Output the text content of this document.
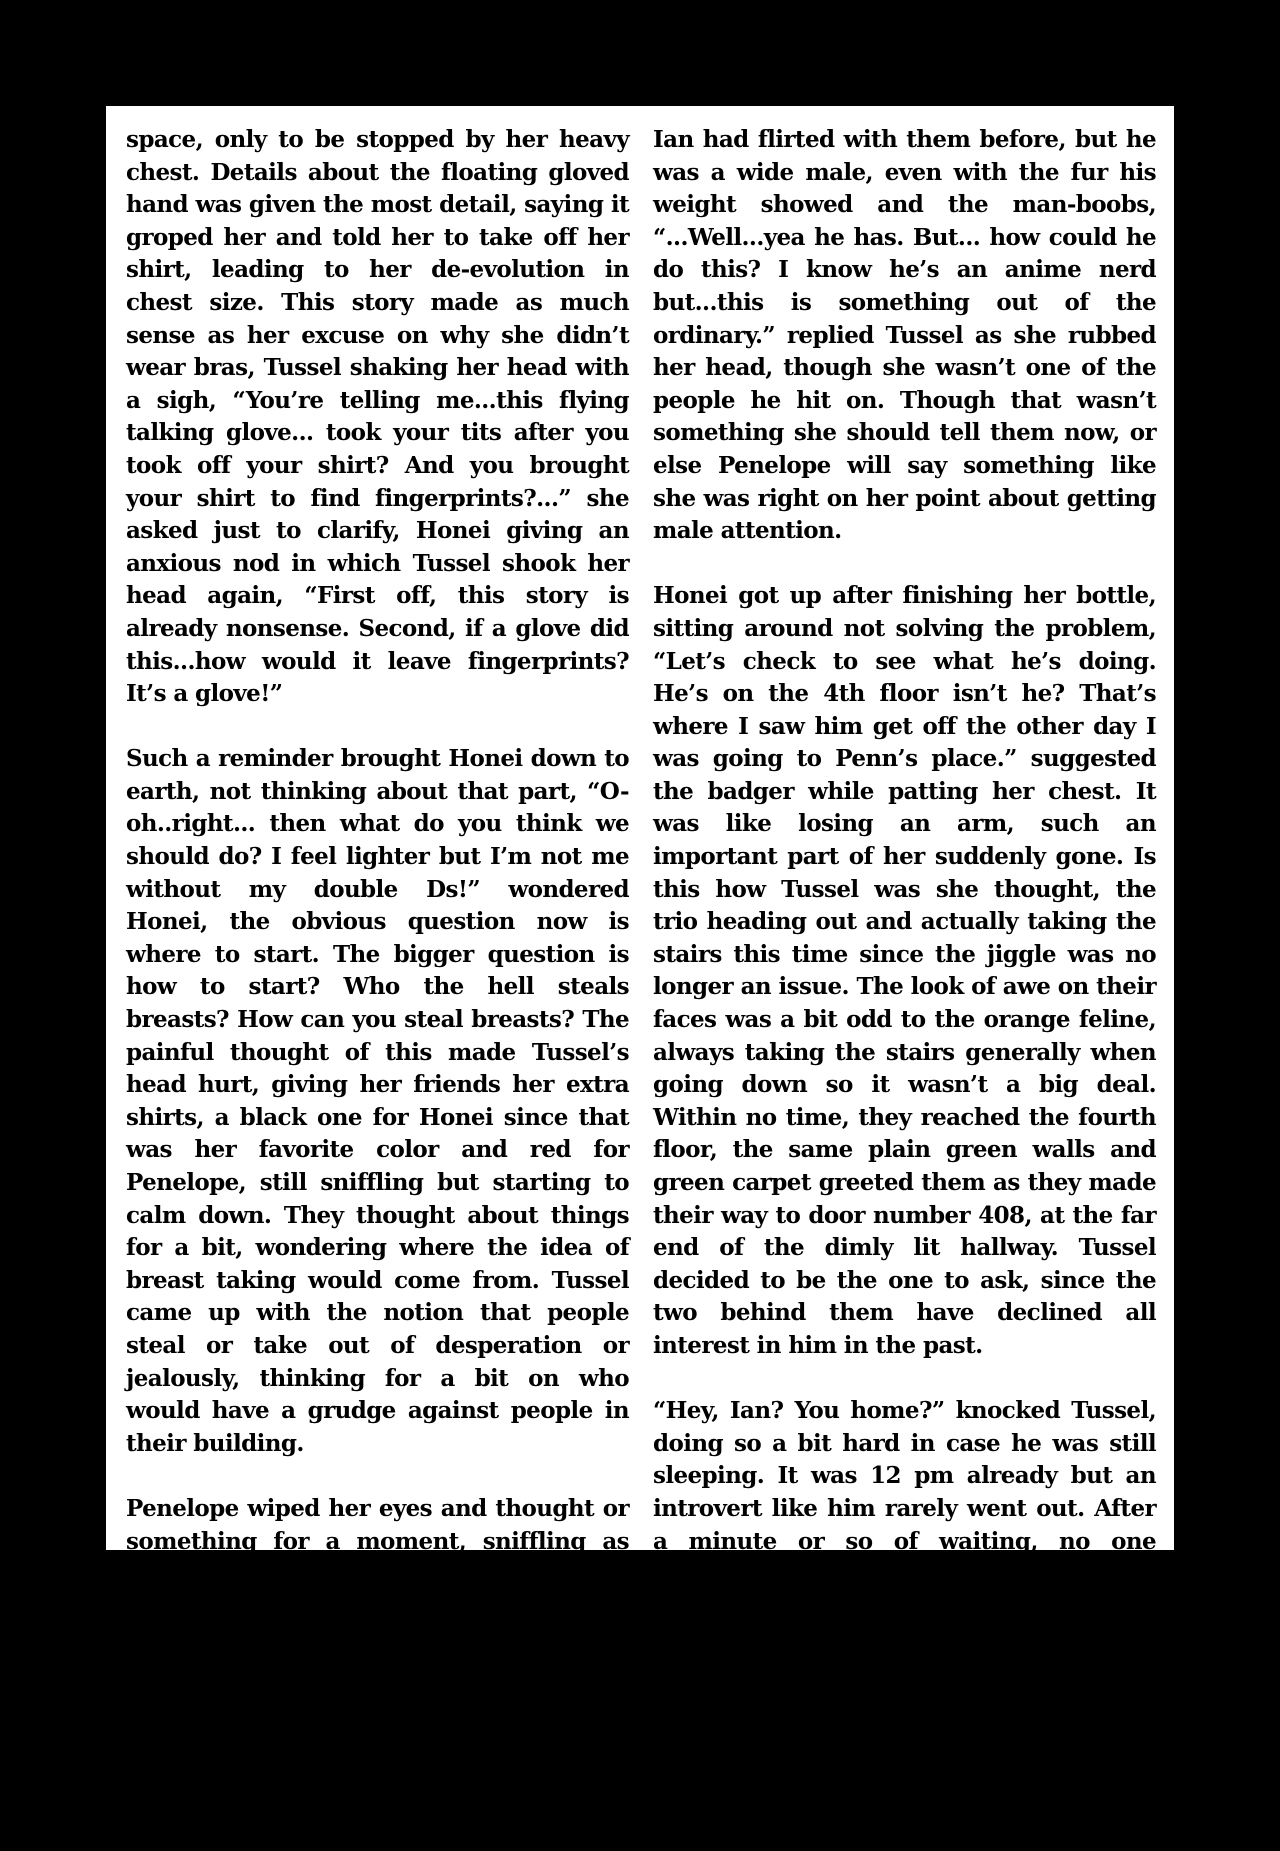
space, only to be stopped by her heavy chest. Details about the floating gloved hand was given the most detail, saying it groped her and told her to take off her shirt, leading to her de-evolution in chest size. This story made as much sense as her excuse on why she didn’t wear bras, Tussel shaking her head with a sigh, “You’re telling me...this flying talking glove... took your tits after you took off your shirt? And you brought your shirt to find fingerprints?...” she asked just to clarify, Honei giving an anxious nod in which Tussel shook her head again, “First off, this story is already nonsense. Second, if a glove did this...how would it leave fingerprints? It’s a glove!”

Such a reminder brought Honei down to earth, not thinking about that part, “O-oh..right... then what do you think we should do? I feel lighter but I’m not me without my double Ds!” wondered Honei, the obvious question now is where to start. The bigger question is how to start? Who the hell steals breasts? How can you steal breasts? The painful thought of this made Tussel’s head hurt, giving her friends her extra shirts, a black one for Honei since that was her favorite color and red for Penelope, still sniffling but starting to calm down. They thought about things for a bit, wondering where the idea of breast taking would come from. Tussel came up with the notion that people steal or take out of desperation or jealously, thinking for a bit on who would have a grudge against people in their building.

Penelope wiped her eyes and thought or something for a moment, sniffling as something came to mind, “...W-what about Ian? That weird chubby Sloth? He was hitting on me yesterday...and I told him he’s not my type cause of how big he is. He has bigger boobs than you Tussel...in fact hasn’t he hit on you two as well?” she added with a bit of concern in her voice. They agreed that

Ian had flirted with them before, but he was a wide male, even with the fur his weight showed and the man-boobs, “...Well...yea he has. But... how could he do this? I know he’s an anime nerd but...this is something out of the ordinary.” replied Tussel as she rubbed her head, though she wasn’t one of the people he hit on. Though that wasn’t something she should tell them now, or else Penelope will say something like she was right on her point about getting male attention.

Honei got up after finishing her bottle, sitting around not solving the problem, “Let’s check to see what he’s doing. He’s on the 4th floor isn’t he? That’s where I saw him get off the other day I was going to Penn’s place.” suggested the badger while patting her chest. It was like losing an arm, such an important part of her suddenly gone. Is this how Tussel was she thought, the trio heading out and actually taking the stairs this time since the jiggle was no longer an issue. The look of awe on their faces was a bit odd to the orange feline, always taking the stairs generally when going down so it wasn’t a big deal. Within no time, they reached the fourth floor, the same plain green walls and green carpet greeted them as they made their way to door number 408, at the far end of the dimly lit hallway. Tussel decided to be the one to ask, since the two behind them have declined all interest in him in the past.

“Hey, Ian? You home?” knocked Tussel, doing so a bit hard in case he was still sleeping. It was 12 pm already but an introvert like him rarely went out. After a minute or so of waiting, no one answered, making him seem all the more suspicious, “See! He’s fled the scene of the crime!” exclaimed Honei with both hands on her chest, missing those soft melons and wanting them back ASAP. Penelope was confused also, wondering where a guy like him would go, “Weird... has doesn’t have much of a life. With class off,
